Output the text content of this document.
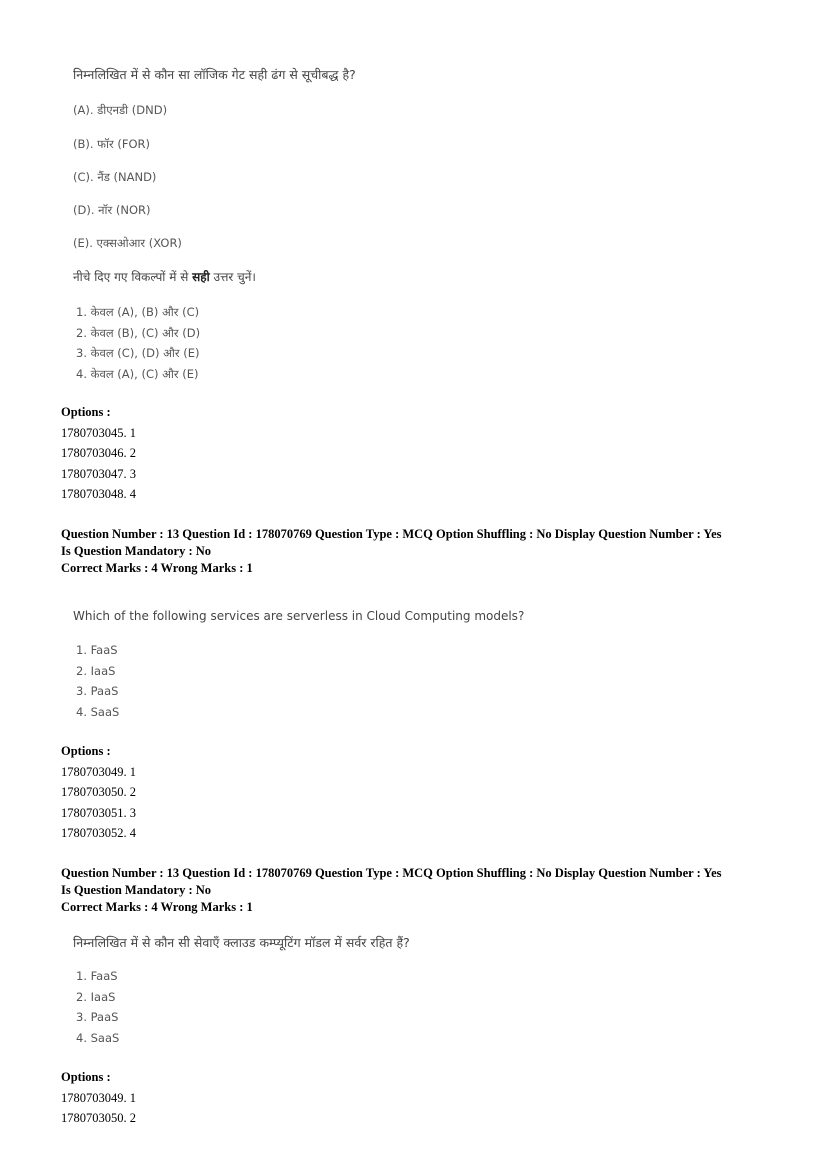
निम्नलिखित में से कौन सा लॉजिक गेट सही ढंग से सूचीबद्ध है?
(A). डीएनडी (DND)
(B). फॉर (FOR)
(C). नैंड (NAND)
(D). नॉर (NOR)
(E). एक्सओआर (XOR)
नीचे दिए गए विकल्पों में से सही उत्तर चुनें।
1. केवल (A), (B) और (C)
2. केवल (B), (C) और (D)
3. केवल (C), (D) और (E)
4. केवल (A), (C) और (E)
Options :
1780703045. 1
1780703046. 2
1780703047. 3
1780703048. 4
Question Number : 13 Question Id : 178070769 Question Type : MCQ Option Shuffling : No Display Question Number : Yes
Is Question Mandatory : No
Correct Marks : 4 Wrong Marks : 1
Which of the following services are serverless in Cloud Computing models?
1. FaaS
2. IaaS
3. PaaS
4. SaaS
Options :
1780703049. 1
1780703050. 2
1780703051. 3
1780703052. 4
Question Number : 13 Question Id : 178070769 Question Type : MCQ Option Shuffling : No Display Question Number : Yes
Is Question Mandatory : No
Correct Marks : 4 Wrong Marks : 1
निम्नलिखित में से कौन सी सेवाएँ क्लाउड कम्प्यूटिंग मॉडल में सर्वर रहित हैं?
1. FaaS
2. IaaS
3. PaaS
4. SaaS
Options :
1780703049. 1
1780703050. 2
